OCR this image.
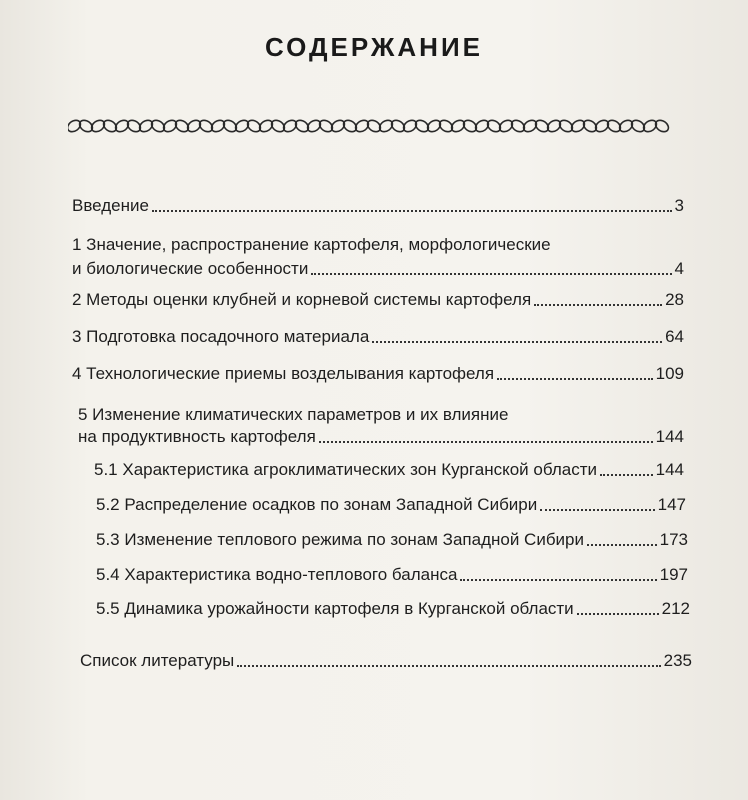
СОДЕРЖАНИЕ
Введение	3
1 Значение, распространение картофеля, морфологические
и биологические особенности	4
2 Методы оценки клубней и корневой системы картофеля	28
3 Подготовка посадочного материала	64
4 Технологические приемы возделывания картофеля	109
5 Изменение климатических параметров и их влияние
на продуктивность картофеля	144
5.1 Характеристика агроклиматических зон Курганской области	144
5.2 Распределение осадков по зонам Западной Сибири	147
5.3 Изменение теплового режима по зонам Западной Сибири	173
5.4 Характеристика водно-теплового баланса	197
5.5 Динамика урожайности картофеля в Курганской области	212
Список литературы	235
